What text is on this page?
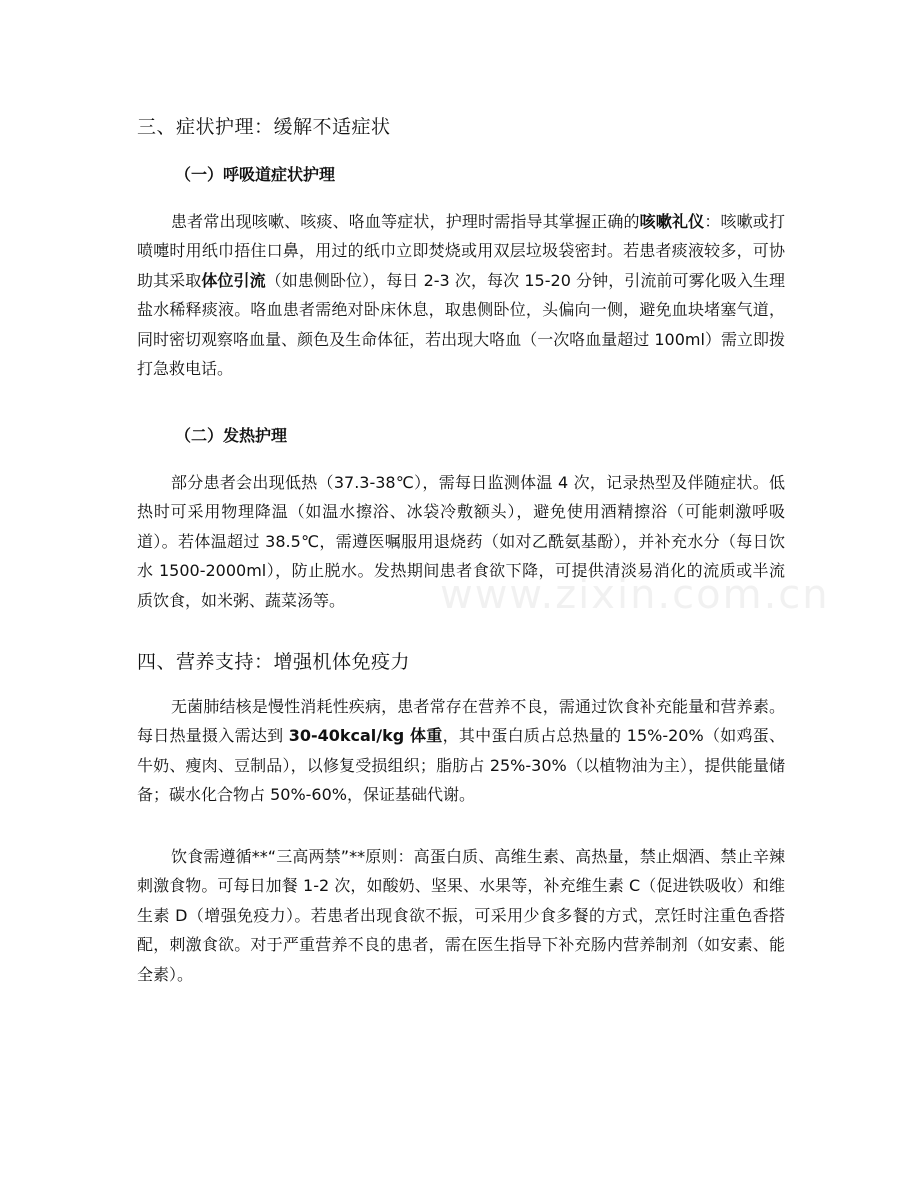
三、症状护理：缓解不适症状
（一）呼吸道症状护理

患者常出现咳嗽、咳痰、咯血等症状，护理时需指导其掌握正确的咳嗽礼仪：咳嗽或打喷嚏时用纸巾捂住口鼻，用过的纸巾立即焚烧或用双层垃圾袋密封。若患者痰液较多，可协助其采取体位引流（如患侧卧位），每日 2-3 次，每次 15-20 分钟，引流前可雾化吸入生理盐水稀释痰液。咯血患者需绝对卧床休息，取患侧卧位，头偏向一侧，避免血块堵塞气道，同时密切观察咯血量、颜色及生命体征，若出现大咯血（一次咯血量超过 100ml）需立即拨打急救电话。

（二）发热护理

部分患者会出现低热（37.3-38℃），需每日监测体温 4 次，记录热型及伴随症状。低热时可采用物理降温（如温水擦浴、冰袋冷敷额头），避免使用酒精擦浴（可能刺激呼吸道）。若体温超过 38.5℃，需遵医嘱服用退烧药（如对乙酰氨基酚），并补充水分（每日饮水 1500-2000ml），防止脱水。发热期间患者食欲下降，可提供清淡易消化的流质或半流质饮食，如米粥、蔬菜汤等。

四、营养支持：增强机体免疫力

无菌肺结核是慢性消耗性疾病，患者常存在营养不良，需通过饮食补充能量和营养素。每日热量摄入需达到 30-40kcal/kg 体重，其中蛋白质占总热量的 15%-20%（如鸡蛋、牛奶、瘦肉、豆制品），以修复受损组织；脂肪占 25%-30%（以植物油为主），提供能量储备；碳水化合物占 50%-60%，保证基础代谢。

饮食需遵循**“三高两禁”**原则：高蛋白质、高维生素、高热量，禁止烟酒、禁止辛辣刺激食物。可每日加餐 1-2 次，如酸奶、坚果、水果等，补充维生素 C（促进铁吸收）和维生素 D（增强免疫力）。若患者出现食欲不振，可采用少食多餐的方式，烹饪时注重色香搭配，刺激食欲。对于严重营养不良的患者，需在医生指导下补充肠内营养制剂（如安素、能全素）。

www.zixin.com.cn
